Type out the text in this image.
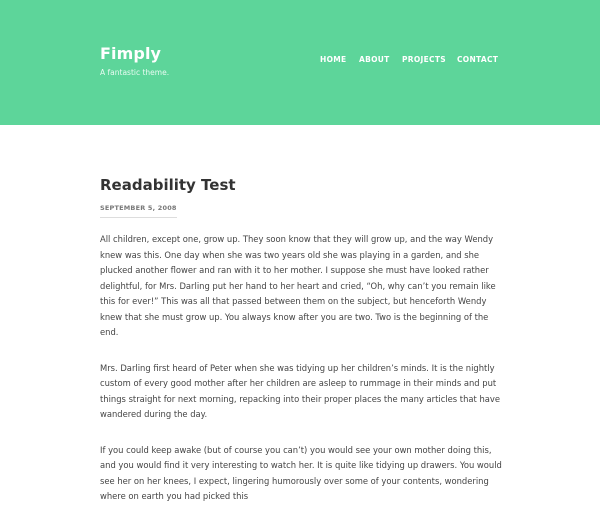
Fimply
A fantastic theme.
HOME ABOUT PROJECTS CONTACT
Readability Test
SEPTEMBER 5, 2008

All children, except one, grow up. They soon know that they will grow up, and the way Wendy knew was this. One day when she was two years old she was playing in a garden, and she plucked another flower and ran with it to her mother. I suppose she must have looked rather delightful, for Mrs. Darling put her hand to her heart and cried, “Oh, why can’t you remain like this for ever!” This was all that passed between them on the subject, but henceforth Wendy knew that she must grow up. You always know after you are two. Two is the beginning of the end.

Mrs. Darling first heard of Peter when she was tidying up her children’s minds. It is the nightly custom of every good mother after her children are asleep to rummage in their minds and put things straight for next morning, repacking into their proper places the many articles that have wandered during the day.

If you could keep awake (but of course you can’t) you would see your own mother doing this, and you would find it very interesting to watch her. It is quite like tidying up drawers. You would see her on her knees, I expect, lingering humorously over some of your contents, wondering where on earth you had picked this
